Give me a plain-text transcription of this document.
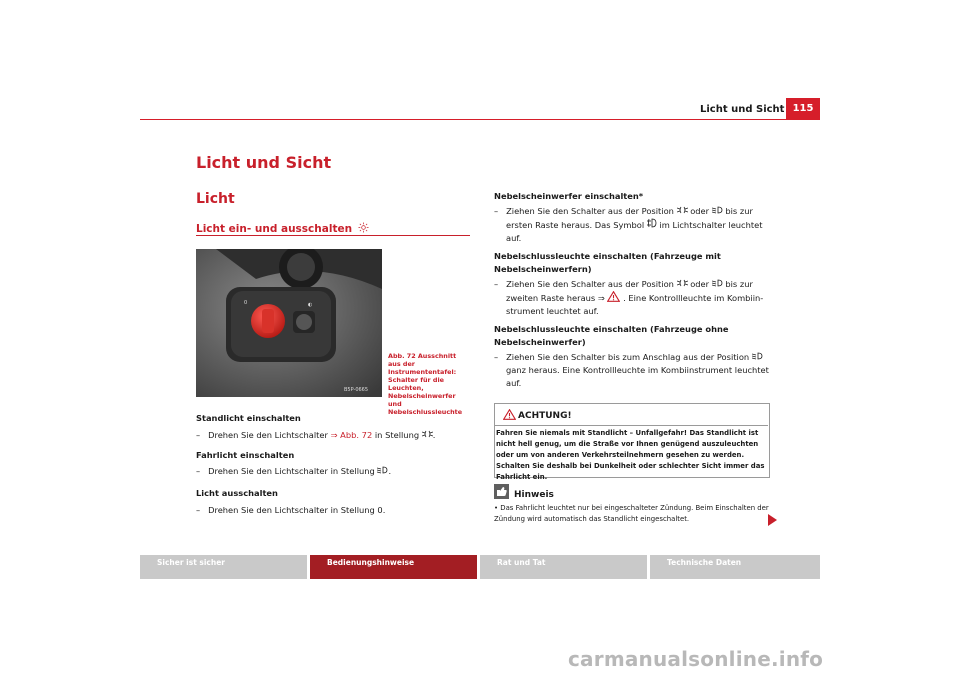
Licht und Sicht 115
Licht und Sicht
Licht
Licht ein- und ausschalten
0	◐
B5P-0665
Abb. 72 Ausschnitt aus der Instrumententafel: Schalter für die Leuchten, Nebelscheinwerfer und Nebelschlussleuchte
Standlicht einschalten
– Drehen Sie den Lichtschalter ⇒ Abb. 72 in Stellung .
Fahrlicht einschalten
– Drehen Sie den Lichtschalter in Stellung .
Licht ausschalten
– Drehen Sie den Lichtschalter in Stellung 0.
Nebelscheinwerfer einschalten*
– Ziehen Sie den Schalter aus der Position  oder  bis zur
ersten Raste heraus. Das Symbol  im Lichtschalter leuchtet
auf.
Nebelschlussleuchte einschalten (Fahrzeuge mit
Nebelscheinwerfern)
– Ziehen Sie den Schalter aus der Position  oder  bis zur
zweiten Raste heraus ⇒  . Eine Kontrollleuchte im Kombiin-
strument leuchtet auf.
Nebelschlussleuchte einschalten (Fahrzeuge ohne
Nebelscheinwerfer)
– Ziehen Sie den Schalter bis zum Anschlag aus der Position
ganz heraus. Eine Kontrollleuchte im Kombiinstrument leuchtet
auf.
ACHTUNG!
Fahren Sie niemals mit Standlicht – Unfallgefahr! Das Standlicht ist nicht hell genug, um die Straße vor Ihnen genügend auszuleuchten oder um von anderen Verkehrsteilnehmern gesehen zu werden. Schalten Sie deshalb bei Dunkelheit oder schlechter Sicht immer das Fahrlicht ein.
Hinweis
• Das Fahrlicht leuchtet nur bei eingeschalteter Zündung. Beim Einschalten der Zündung wird automatisch das Standlicht eingeschaltet.
Sicher ist sicher	Bedienungshinweise	Rat und Tat	Technische Daten
carmanualsonline.info
